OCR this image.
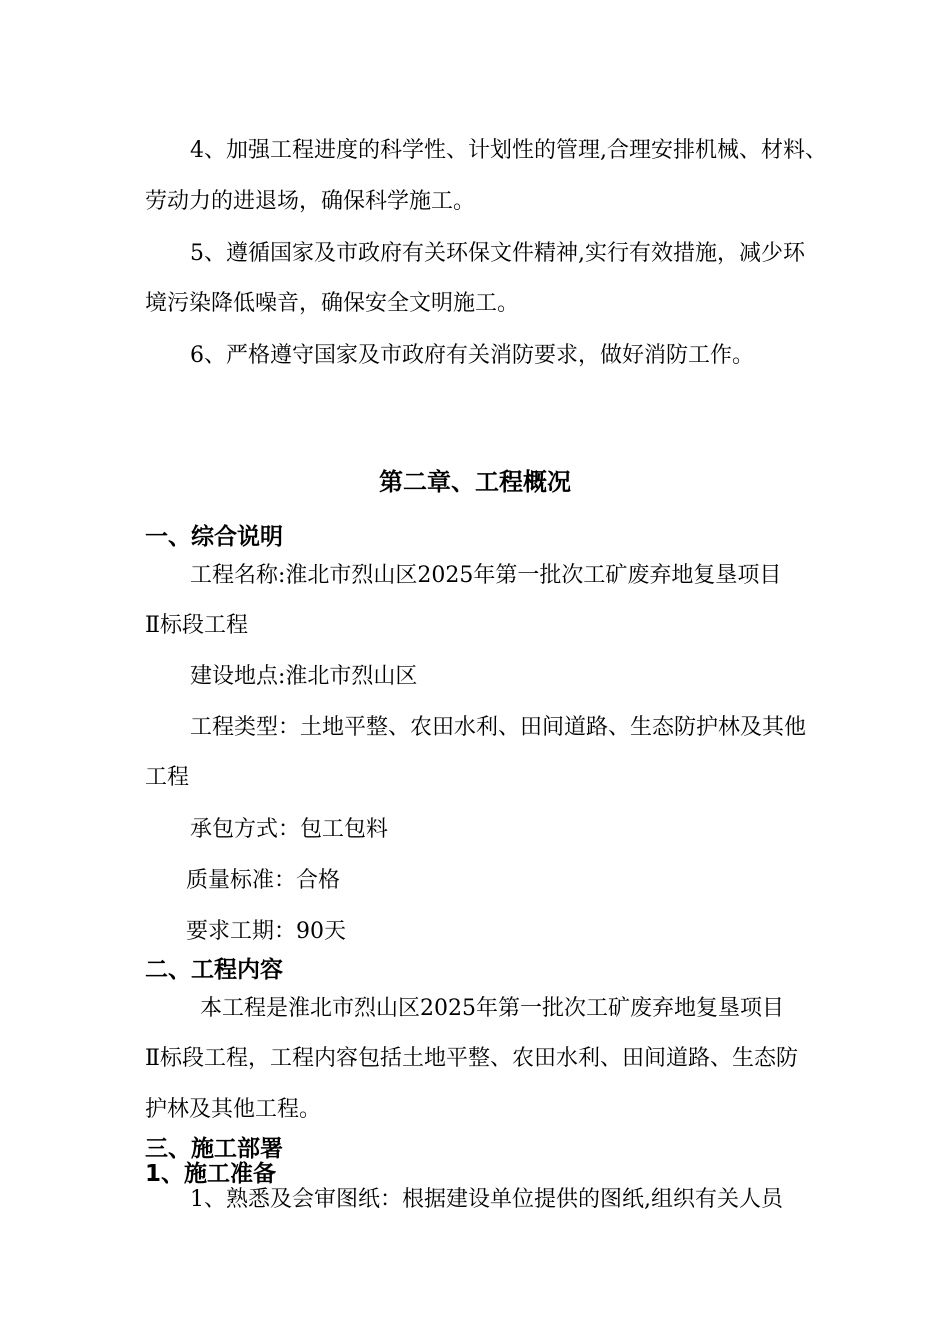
4、加强工程进度的科学性、计划性的管理,合理安排机械、材料、
劳动力的进退场，确保科学施工。
5、遵循国家及市政府有关环保文件精神,实行有效措施，减少环
境污染降低噪音，确保安全文明施工。
6、严格遵守国家及市政府有关消防要求，做好消防工作。
第二章、工程概况
一、综合说明
工程名称:淮北市烈山区2025年第一批次工矿废弃地复垦项目
Ⅱ标段工程
建设地点:淮北市烈山区
工程类型：土地平整、农田水利、田间道路、生态防护林及其他
工程
承包方式：包工包料
质量标准：合格
要求工期：90天
二、工程内容
本工程是淮北市烈山区2025年第一批次工矿废弃地复垦项目
Ⅱ标段工程，工程内容包括土地平整、农田水利、田间道路、生态防
护林及其他工程。
三、施工部署
1、施工准备
1、熟悉及会审图纸：根据建设单位提供的图纸,组织有关人员
